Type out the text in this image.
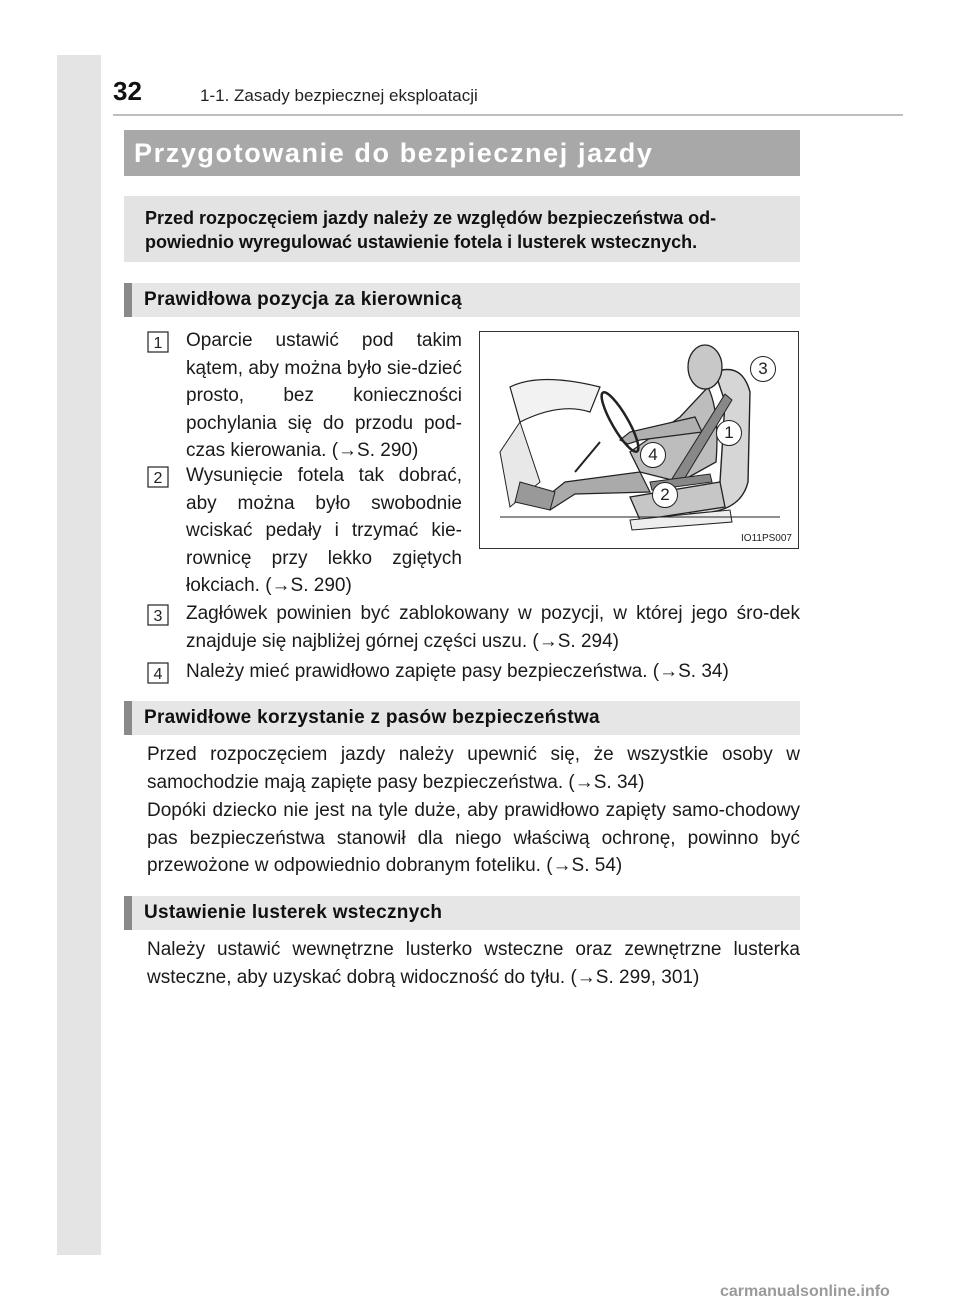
32	1-1. Zasady bezpiecznej eksploatacji
Przygotowanie do bezpiecznej jazdy
Przed rozpoczęciem jazdy należy ze względów bezpieczeństwa od-powiednio wyregulować ustawienie fotela i lusterek wstecznych.
Prawidłowa pozycja za kierownicą
1 Oparcie ustawić pod takim kątem, aby można było sie-dzieć prosto, bez konieczności pochylania się do przodu pod-czas kierowania. (→S. 290)
2 Wysunięcie fotela tak dobrać, aby można było swobodnie wciskać pedały i trzymać kie-rownicę przy lekko zgiętych łokciach. (→S. 290)
3 Zagłówek powinien być zablokowany w pozycji, w której jego śro-dek znajduje się najbliżej górnej części uszu. (→S. 294)
4 Należy mieć prawidłowo zapięte pasy bezpieczeństwa. (→S. 34)
3
1
4
2
IO11PS007
Prawidłowe korzystanie z pasów bezpieczeństwa
Przed rozpoczęciem jazdy należy upewnić się, że wszystkie osoby w samochodzie mają zapięte pasy bezpieczeństwa. (→S. 34)
Dopóki dziecko nie jest na tyle duże, aby prawidłowo zapięty samo-chodowy pas bezpieczeństwa stanowił dla niego właściwą ochronę, powinno być przewożone w odpowiednio dobranym foteliku. (→S. 54)
Ustawienie lusterek wstecznych
Należy ustawić wewnętrzne lusterko wsteczne oraz zewnętrzne lusterka wsteczne, aby uzyskać dobrą widoczność do tyłu. (→S. 299, 301)
carmanualsonline.info
